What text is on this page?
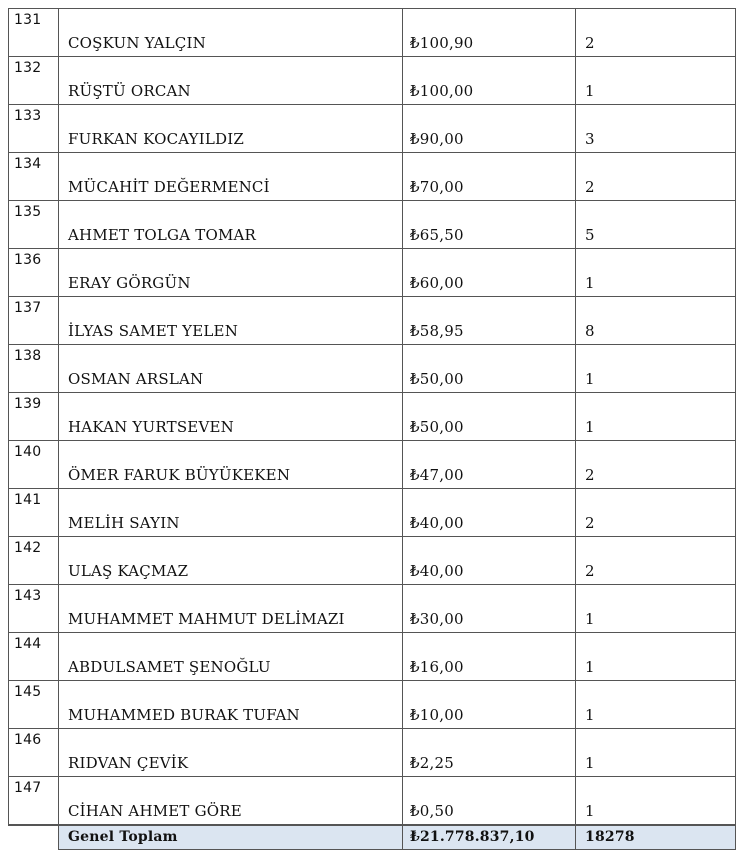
131	COŞKUN YALÇIN	₺100,90	2
132	RÜŞTÜ ORCAN	₺100,00	1
133	FURKAN KOCAYILDIZ	₺90,00	3
134	MÜCAHİT DEĞERMENCİ	₺70,00	2
135	AHMET TOLGA TOMAR	₺65,50	5
136	ERAY GÖRGÜN	₺60,00	1
137	İLYAS SAMET YELEN	₺58,95	8
138	OSMAN ARSLAN	₺50,00	1
139	HAKAN YURTSEVEN	₺50,00	1
140	ÖMER FARUK BÜYÜKEKEN	₺47,00	2
141	MELİH SAYIN	₺40,00	2
142	ULAŞ KAÇMAZ	₺40,00	2
143	MUHAMMET MAHMUT DELİMAZI	₺30,00	1
144	ABDULSAMET ŞENOĞLU	₺16,00	1
145	MUHAMMED BURAK TUFAN	₺10,00	1
146	RIDVAN ÇEVİK	₺2,25	1
147	CİHAN AHMET GÖRE	₺0,50	1
	Genel Toplam	₺21.778.837,10	18278
